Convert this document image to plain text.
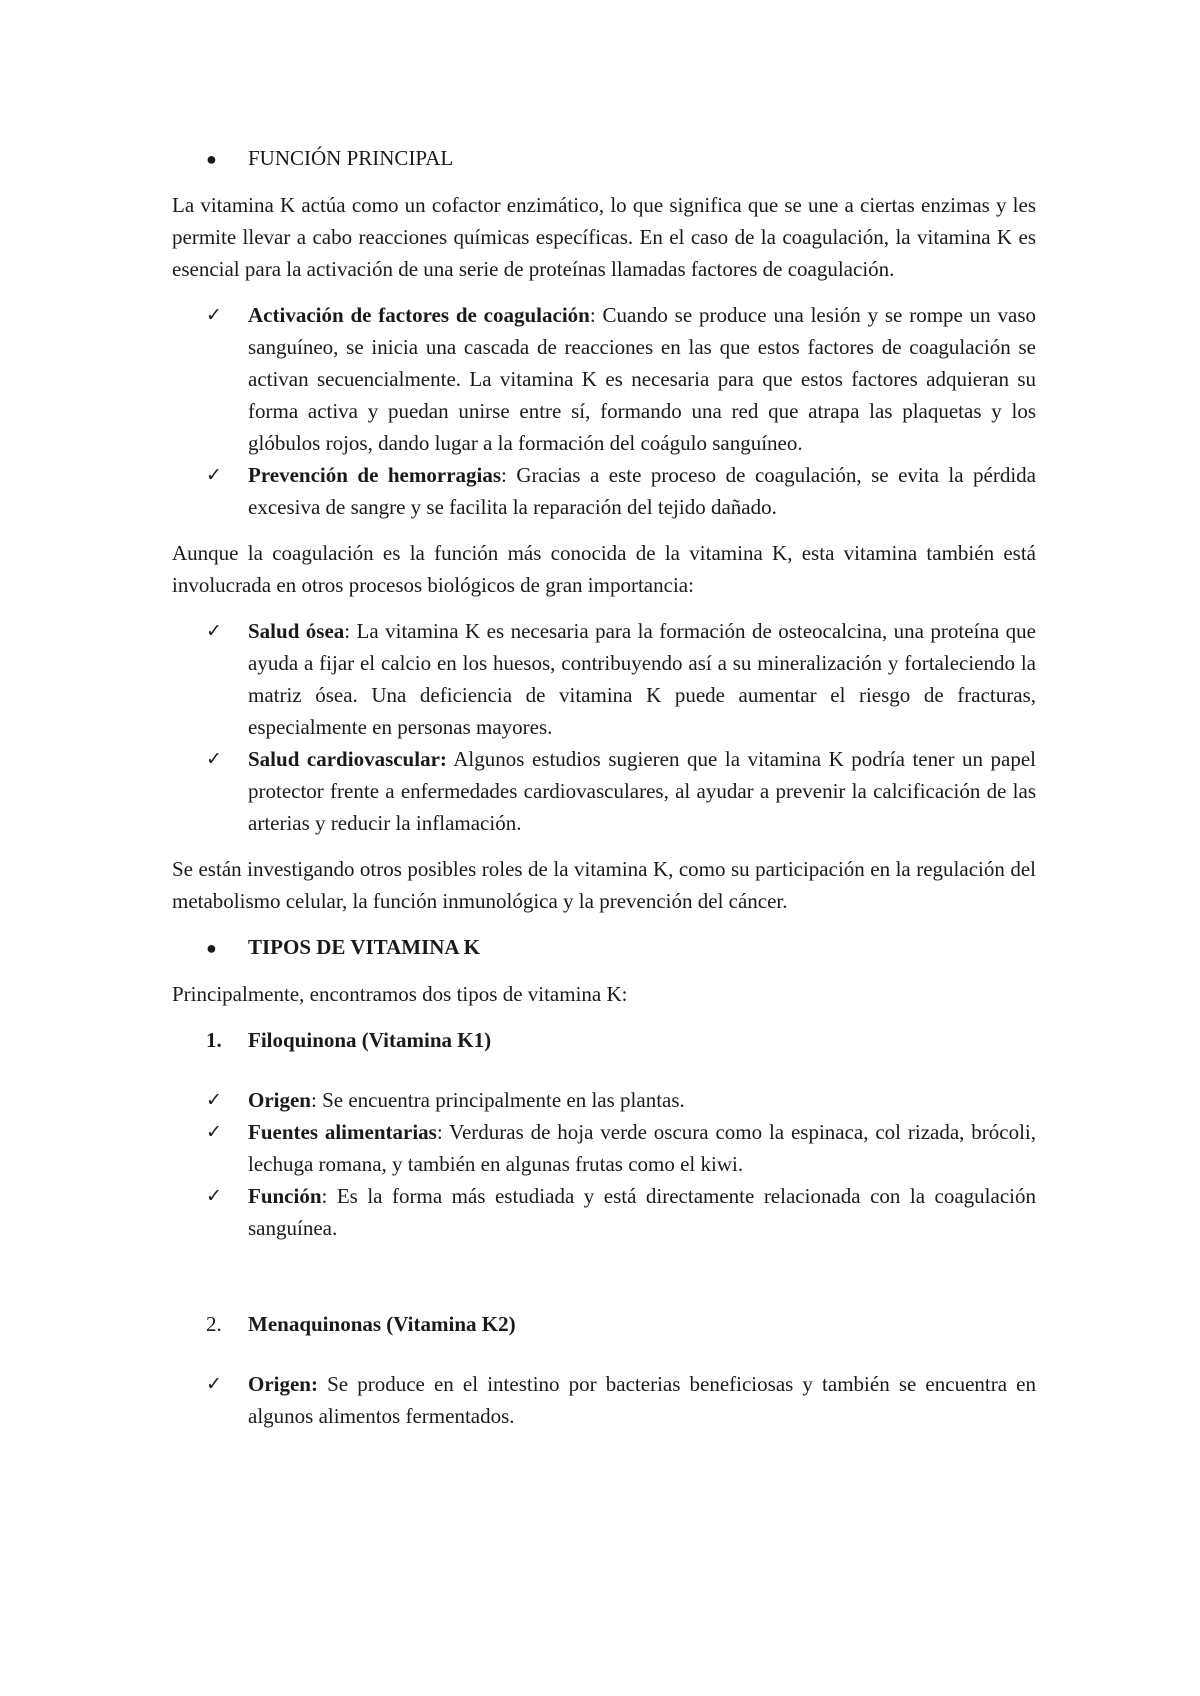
●	FUNCIÓN PRINCIPAL

La vitamina K actúa como un cofactor enzimático, lo que significa que se une a ciertas enzimas y les permite llevar a cabo reacciones químicas específicas. En el caso de la coagulación, la vitamina K es esencial para la activación de una serie de proteínas llamadas factores de coagulación.

✓	Activación de factores de coagulación: Cuando se produce una lesión y se rompe un vaso sanguíneo, se inicia una cascada de reacciones en las que estos factores de coagulación se activan secuencialmente. La vitamina K es necesaria para que estos factores adquieran su forma activa y puedan unirse entre sí, formando una red que atrapa las plaquetas y los glóbulos rojos, dando lugar a la formación del coágulo sanguíneo.
✓	Prevención de hemorragias: Gracias a este proceso de coagulación, se evita la pérdida excesiva de sangre y se facilita la reparación del tejido dañado.

Aunque la coagulación es la función más conocida de la vitamina K, esta vitamina también está involucrada en otros procesos biológicos de gran importancia:

✓	Salud ósea: La vitamina K es necesaria para la formación de osteocalcina, una proteína que ayuda a fijar el calcio en los huesos, contribuyendo así a su mineralización y fortaleciendo la matriz ósea. Una deficiencia de vitamina K puede aumentar el riesgo de fracturas, especialmente en personas mayores.
✓	Salud cardiovascular: Algunos estudios sugieren que la vitamina K podría tener un papel protector frente a enfermedades cardiovasculares, al ayudar a prevenir la calcificación de las arterias y reducir la inflamación.

Se están investigando otros posibles roles de la vitamina K, como su participación en la regulación del metabolismo celular, la función inmunológica y la prevención del cáncer.

●	TIPOS DE VITAMINA K

Principalmente, encontramos dos tipos de vitamina K:

1.	Filoquinona (Vitamina K1)
✓	Origen: Se encuentra principalmente en las plantas.
✓	Fuentes alimentarias: Verduras de hoja verde oscura como la espinaca, col rizada, brócoli, lechuga romana, y también en algunas frutas como el kiwi.
✓	Función: Es la forma más estudiada y está directamente relacionada con la coagulación sanguínea.
2.	Menaquinonas (Vitamina K2)
✓	Origen: Se produce en el intestino por bacterias beneficiosas y también se encuentra en algunos alimentos fermentados.
